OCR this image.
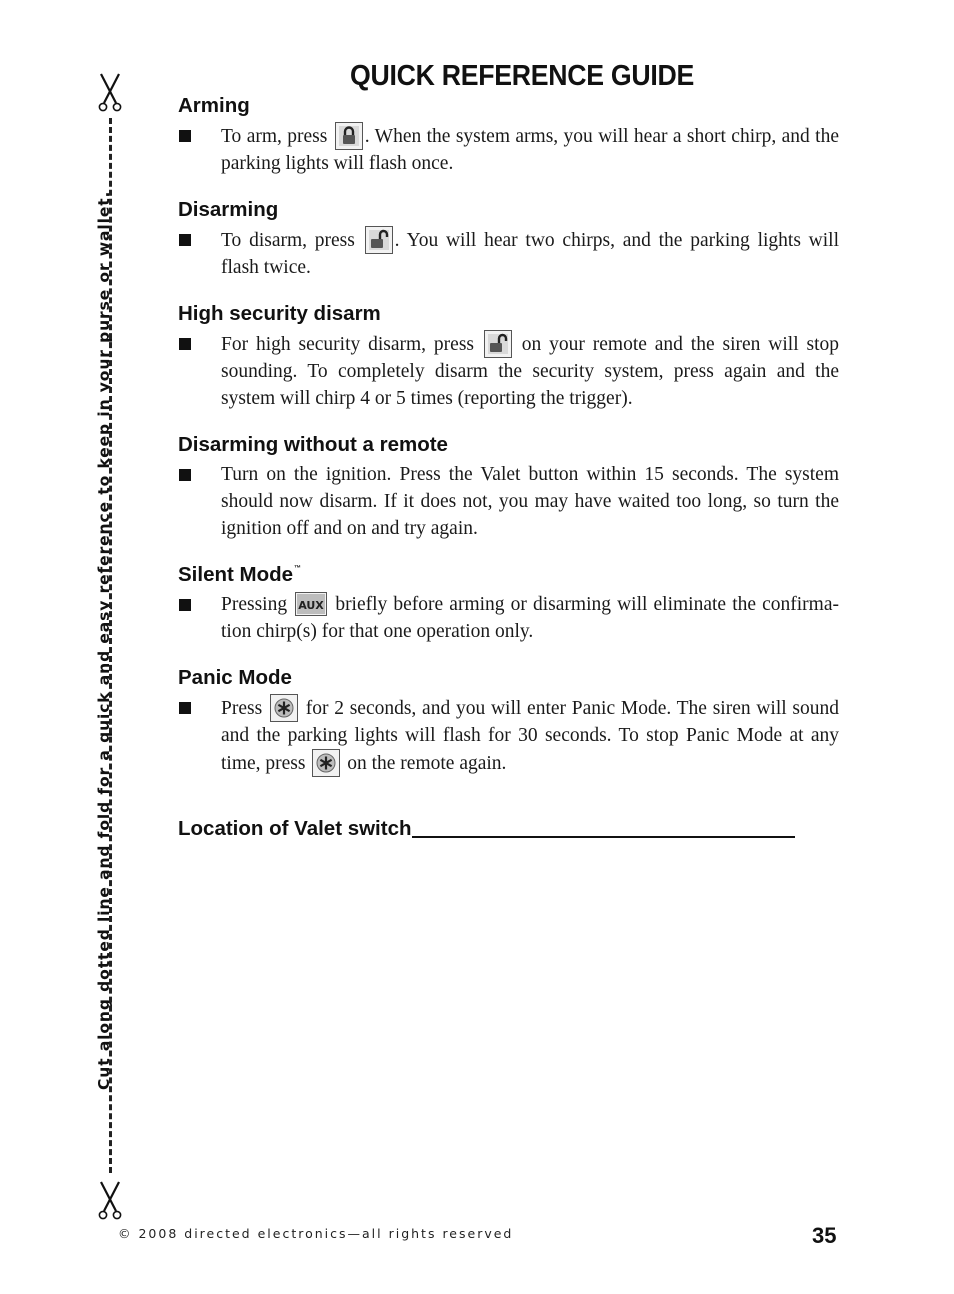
Cut along dotted line and fold for a quick and easy reference to keep in your purse or wallet.
QUICK REFERENCE GUIDE
Arming

To arm, press . When the system arms, you will hear a short chirp, and the parking lights will flash once.

Disarming

To disarm, press . You will hear two chirps, and the parking lights will flash twice.

High security disarm

For high security disarm, press on your remote and the siren will stop sounding. To completely disarm the security system, press again and the system will chirp 4 or 5 times (reporting the trigger).

Disarming without a remote

Turn on the ignition. Press the Valet button within 15 seconds. The system should now disarm. If it does not, you may have waited too long, so turn the ignition off and on and try again.

Silent Mode™

Pressing AUX briefly before arming or disarming will eliminate the confirma-tion chirp(s) for that one operation only.

Panic Mode

Press for 2 seconds, and you will enter Panic Mode. The siren will sound and the parking lights will flash for 30 seconds. To stop Panic Mode at any time, press on the remote again.

Location of Valet switch
© 2008 directed electronics—all rights reserved	35
